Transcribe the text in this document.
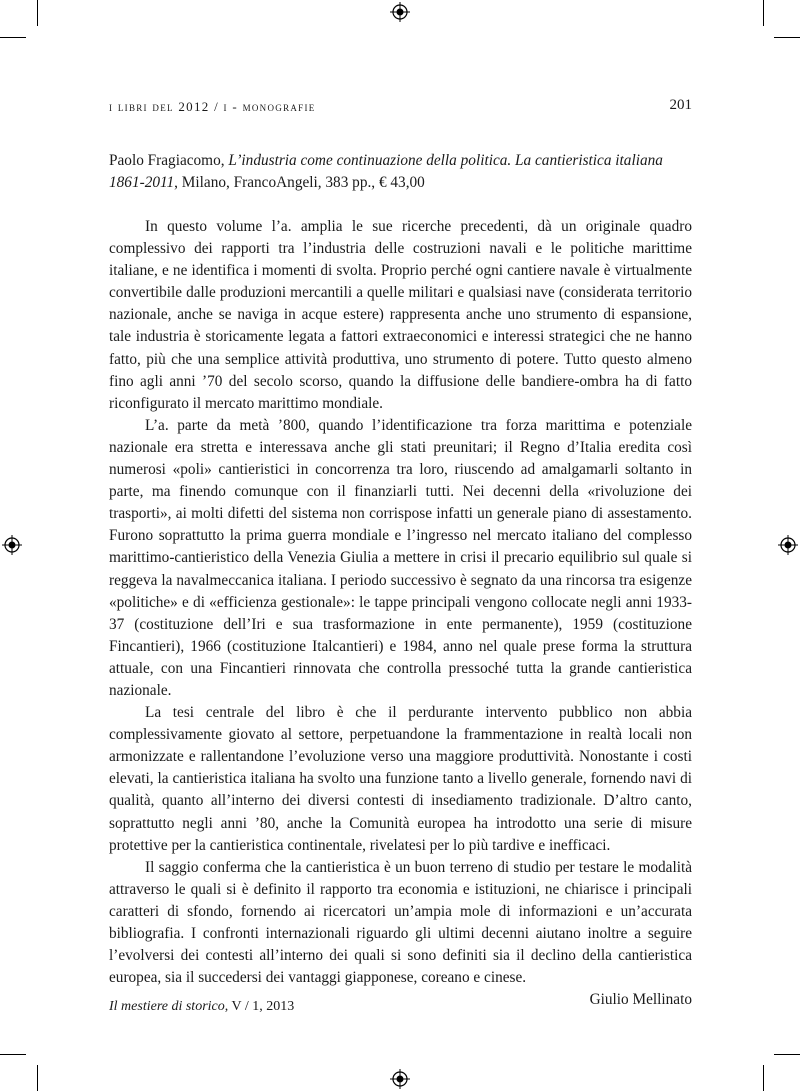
i libri del 2012 / i - monografie	201
Paolo Fragiacomo, L’industria come continuazione della politica. La cantieristica italiana 1861-2011, Milano, FrancoAngeli, 383 pp., € 43,00

In questo volume l’a. amplia le sue ricerche precedenti, dà un originale quadro complessivo dei rapporti tra l’industria delle costruzioni navali e le politiche marittime italiane, e ne identifica i momenti di svolta. Proprio perché ogni cantiere navale è virtualmente convertibile dalle produzioni mercantili a quelle militari e qualsiasi nave (considerata territorio nazionale, anche se naviga in acque estere) rappresenta anche uno strumento di espansione, tale industria è storicamente legata a fattori extraeconomici e interessi strategici che ne hanno fatto, più che una semplice attività produttiva, uno strumento di potere. Tutto questo almeno fino agli anni ’70 del secolo scorso, quando la diffusione delle bandiere-ombra ha di fatto riconfigurato il mercato marittimo mondiale.

L’a. parte da metà ’800, quando l’identificazione tra forza marittima e potenziale nazionale era stretta e interessava anche gli stati preunitari; il Regno d’Italia eredita così numerosi «poli» cantieristici in concorrenza tra loro, riuscendo ad amalgamarli soltanto in parte, ma finendo comunque con il finanziarli tutti. Nei decenni della «rivoluzione dei trasporti», ai molti difetti del sistema non corrispose infatti un generale piano di assestamento. Furono soprattutto la prima guerra mondiale e l’ingresso nel mercato italiano del complesso marittimo-cantieristico della Venezia Giulia a mettere in crisi il precario equilibrio sul quale si reggeva la navalmeccanica italiana. I periodo successivo è segnato da una rincorsa tra esigenze «politiche» e di «efficienza gestionale»: le tappe principali vengono collocate negli anni 1933-37 (costituzione dell’Iri e sua trasformazione in ente permanente), 1959 (costituzione Fincantieri), 1966 (costituzione Italcantieri) e 1984, anno nel quale prese forma la struttura attuale, con una Fincantieri rinnovata che controlla pressoché tutta la grande cantieristica nazionale.

La tesi centrale del libro è che il perdurante intervento pubblico non abbia complessivamente giovato al settore, perpetuandone la frammentazione in realtà locali non armonizzate e rallentandone l’evoluzione verso una maggiore produttività. Nonostante i costi elevati, la cantieristica italiana ha svolto una funzione tanto a livello generale, fornendo navi di qualità, quanto all’interno dei diversi contesti di insediamento tradizionale. D’altro canto, soprattutto negli anni ’80, anche la Comunità europea ha introdotto una serie di misure protettive per la cantieristica continentale, rivelatesi per lo più tardive e inefficaci.

Il saggio conferma che la cantieristica è un buon terreno di studio per testare le modalità attraverso le quali si è definito il rapporto tra economia e istituzioni, ne chiarisce i principali caratteri di sfondo, fornendo ai ricercatori un’ampia mole di informazioni e un’accurata bibliografia. I confronti internazionali riguardo gli ultimi decenni aiutano inoltre a seguire l’evolversi dei contesti all’interno dei quali si sono definiti sia il declino della cantieristica europea, sia il succedersi dei vantaggi giapponese, coreano e cinese.

Giulio Mellinato

Il mestiere di storico, V / 1, 2013
